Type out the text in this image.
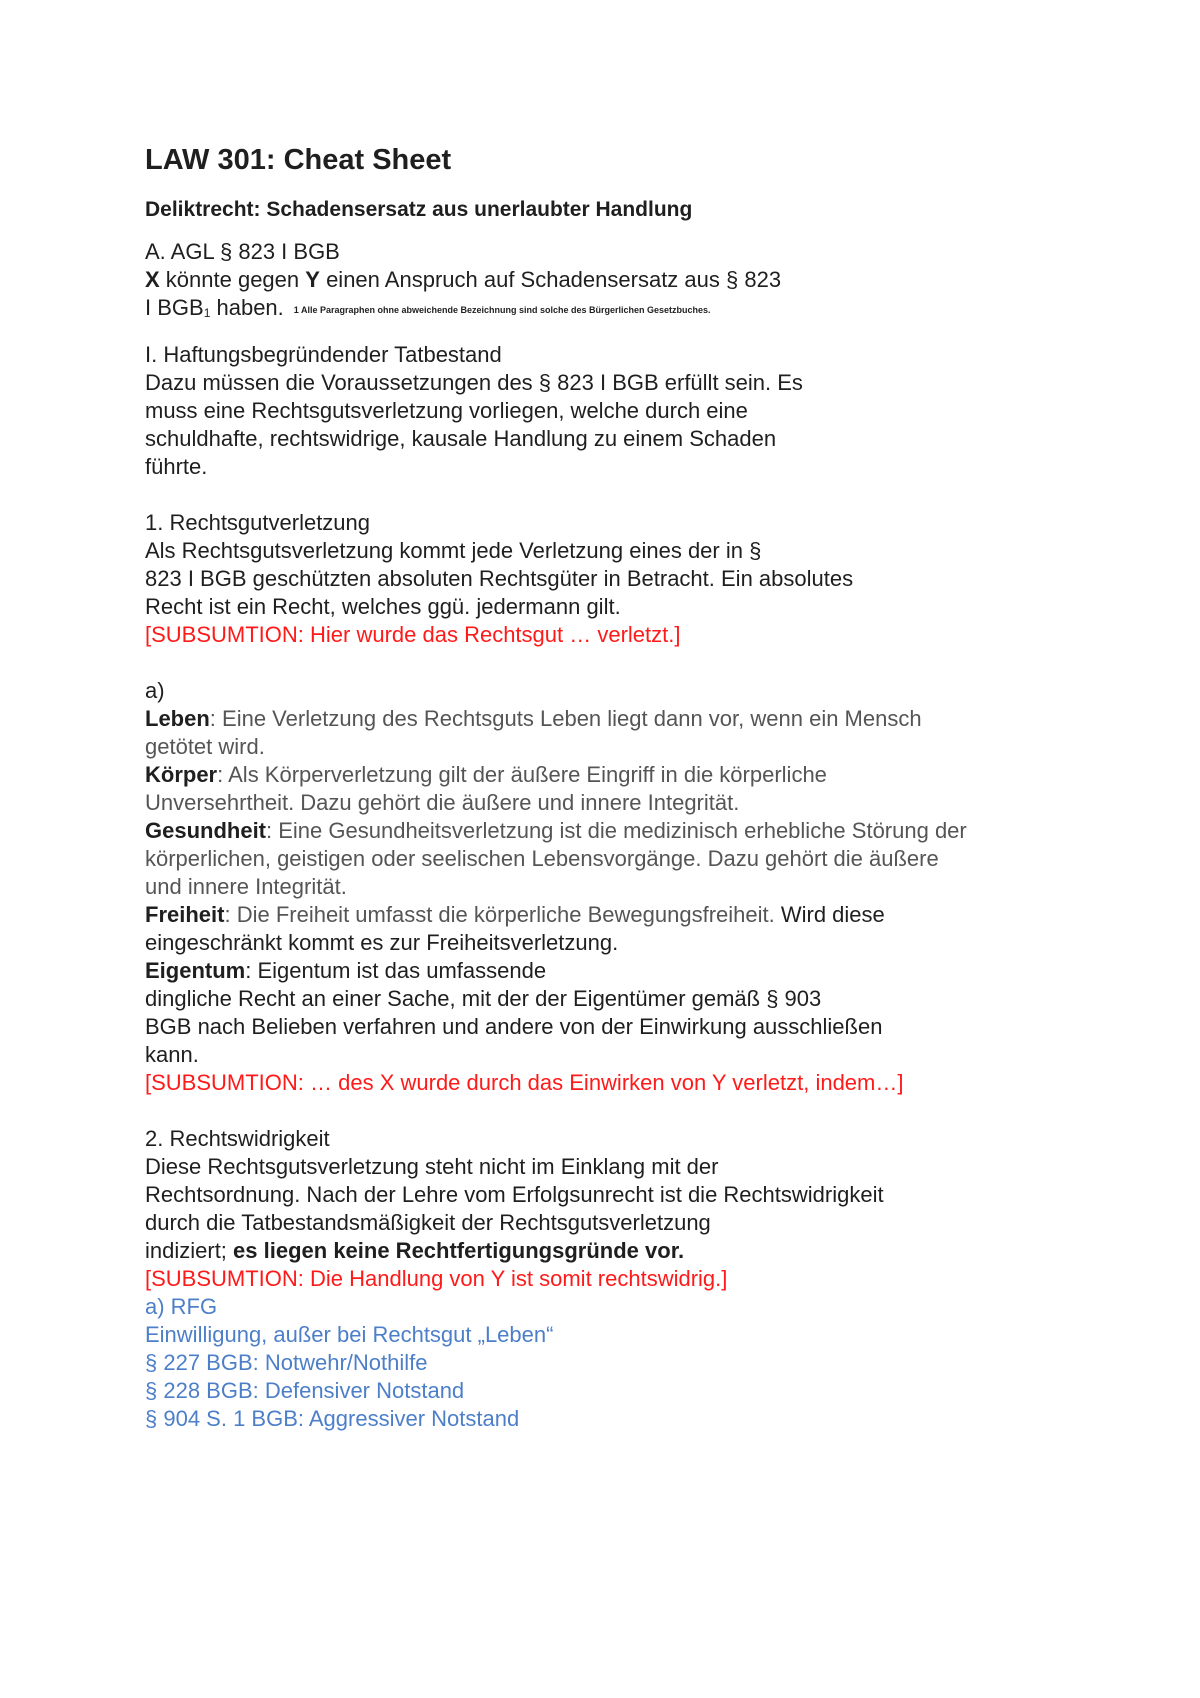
LAW 301: Cheat Sheet
Deliktrecht: Schadensersatz aus unerlaubter Handlung
A. AGL § 823 I BGB
X könnte gegen Y einen Anspruch auf Schadensersatz aus § 823
I $BGB_1$ haben. 1 Alle Paragraphen ohne abweichende Bezeichnung sind solche des Bürgerlichen Gesetzbuches.
I. Haftungsbegründender Tatbestand
Dazu müssen die Voraussetzungen des § 823 I BGB erfüllt sein. Es
muss eine Rechtsgutsverletzung vorliegen, welche durch eine
schuldhafte, rechtswidrige, kausale Handlung zu einem Schaden
führte.
1. Rechtsgutverletzung
Als Rechtsgutsverletzung kommt jede Verletzung eines der in §
823 I BGB geschützten absoluten Rechtsgüter in Betracht. Ein absolutes
Recht ist ein Recht, welches ggü. jedermann gilt.
[SUBSUMTION: Hier wurde das Rechtsgut … verletzt.]
a)
Leben: Eine Verletzung des Rechtsguts Leben liegt dann vor, wenn ein Mensch
getötet wird.
Körper: Als Körperverletzung gilt der äußere Eingriff in die körperliche
Unversehrtheit. Dazu gehört die äußere und innere Integrität.
Gesundheit: Eine Gesundheitsverletzung ist die medizinisch erhebliche Störung der
körperlichen, geistigen oder seelischen Lebensvorgänge. Dazu gehört die äußere
und innere Integrität.
Freiheit: Die Freiheit umfasst die körperliche Bewegungsfreiheit. Wird diese
eingeschränkt kommt es zur Freiheitsverletzung.
Eigentum: Eigentum ist das umfassende
dingliche Recht an einer Sache, mit der der Eigentümer gemäß § 903
BGB nach Belieben verfahren und andere von der Einwirkung ausschließen
kann.
[SUBSUMTION: … des X wurde durch das Einwirken von Y verletzt, indem…]
2. Rechtswidrigkeit
Diese Rechtsgutsverletzung steht nicht im Einklang mit der
Rechtsordnung. Nach der Lehre vom Erfolgsunrecht ist die Rechtswidrigkeit
durch die Tatbestandsmäßigkeit der Rechtsgutsverletzung
indiziert; es liegen keine Rechtfertigungsgründe vor.
[SUBSUMTION: Die Handlung von Y ist somit rechtswidrig.]
a) RFG
Einwilligung, außer bei Rechtsgut „Leben“
§ 227 BGB: Notwehr/Nothilfe
§ 228 BGB: Defensiver Notstand
§ 904 S. 1 BGB: Aggressiver Notstand
